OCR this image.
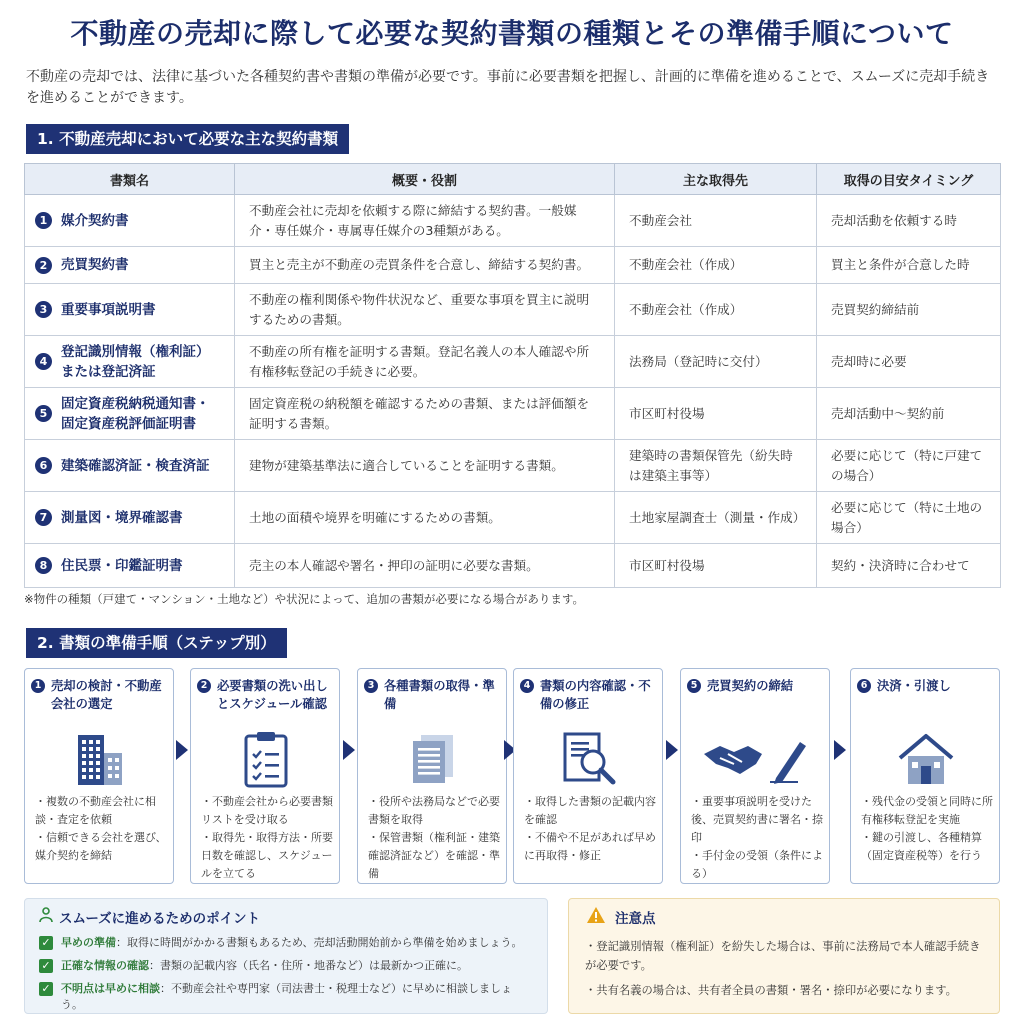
不動産の売却に際して必要な契約書類の種類とその準備手順について
不動産の売却では、法律に基づいた各種契約書や書類の準備が必要です。事前に必要書類を把握し、計画的に準備を進めることで、スムーズに売却手続きを進めることができます。
1. 不動産売却において必要な主な契約書類
書類名	概要・役割	主な取得先	取得の目安タイミング

1 媒介契約書	不動産会社に売却を依頼する際に締結する契約書。一般媒介・専任媒介・専属専任媒介の3種類がある。	不動産会社	売却活動を依頼する時

2 売買契約書	買主と売主が不動産の売買条件を合意し、締結する契約書。	不動産会社（作成）	買主と条件が合意した時

3 重要事項説明書	不動産の権利関係や物件状況など、重要な事項を買主に説明するための書類。	不動産会社（作成）	売買契約締結前

4
登記識別情報（権利証）または登記済証	不動産の所有権を証明する書類。登記名義人の本人確認や所有権移転登記の手続きに必要。	法務局（登記時に交付）	売却時に必要

5
固定資産税納税通知書・固定資産税評価証明書	固定資産税の納税額を確認するための書類、または評価額を証明する書類。	市区町村役場	売却活動中〜契約前

6 建築確認済証・検査済証	建物が建築基準法に適合していることを証明する書類。	建築時の書類保管先（紛失時は建築主事等）	必要に応じて（特に戸建ての場合）

7 測量図・境界確認書	土地の面積や境界を明確にするための書類。	土地家屋調査士（測量・作成）	必要に応じて（特に土地の場合）

8 住民票・印鑑証明書	売主の本人確認や署名・押印の証明に必要な書類。	市区町村役場	契約・決済時に合わせて
※物件の種類（戸建て・マンション・土地など）や状況によって、追加の書類が必要になる場合があります。
2. 書類の準備手順（ステップ別）
1 売却の検討・不動産会社の選定
・複数の不動産会社に相談・査定を依頼
・信頼できる会社を選び、媒介契約を締結
2 必要書類の洗い出しとスケジュール確認
・不動産会社から必要書類リストを受け取る
・取得先・取得方法・所要日数を確認し、スケジュールを立てる
3 各種書類の取得・準備
・役所や法務局などで必要書類を取得
・保管書類（権利証・建築確認済証など）を確認・準備
4 書類の内容確認・不備の修正
・取得した書類の記載内容を確認
・不備や不足があれば早めに再取得・修正
5 売買契約の締結
・重要事項説明を受けた後、売買契約書に署名・捺印
・手付金の受領（条件による）
6 決済・引渡し
・残代金の受領と同時に所有権移転登記を実施
・鍵の引渡し、各種精算（固定資産税等）を行う
スムーズに進めるためのポイント
✓ 早めの準備：取得に時間がかかる書類もあるため、売却活動開始前から準備を始めましょう。
✓ 正確な情報の確認：書類の記載内容（氏名・住所・地番など）は最新かつ正確に。
✓ 不明点は早めに相談：不動産会社や専門家（司法書士・税理士など）に早めに相談しましょう。
注意点
・登記識別情報（権利証）を紛失した場合は、事前に法務局で本人確認手続きが必要です。
・共有名義の場合は、共有者全員の書類・署名・捺印が必要になります。
